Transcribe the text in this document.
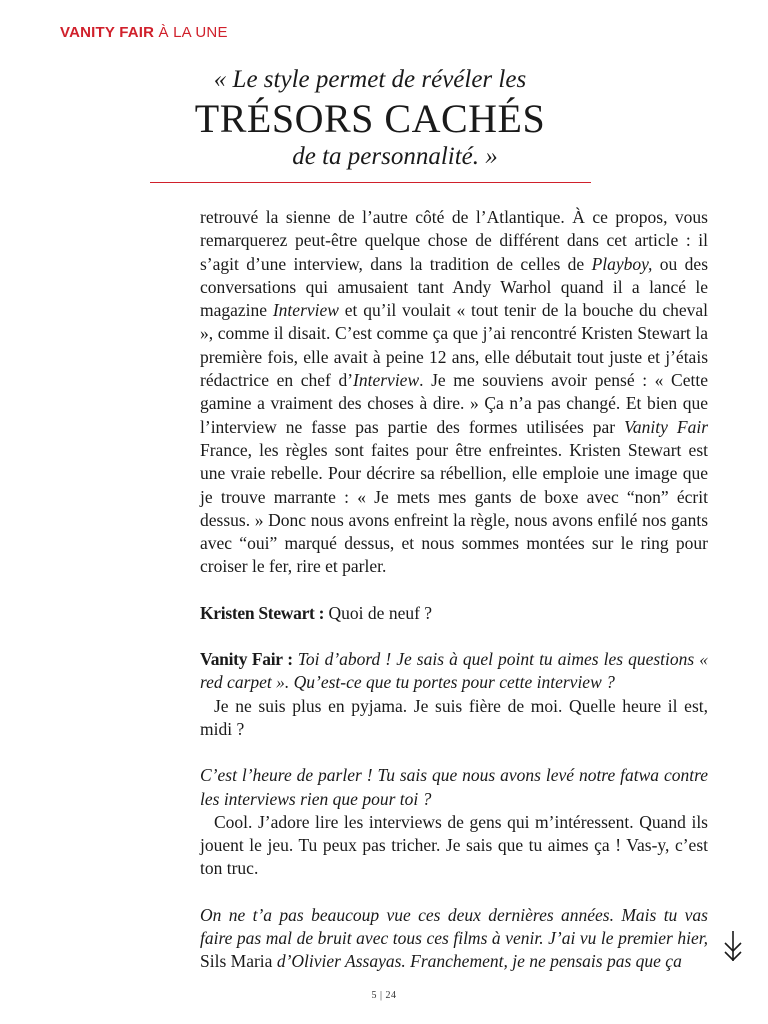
VANITY FAIR À LA UNE
« Le style permet de révéler les
TRÉSORS CACHÉS
de ta personnalité. »

retrouvé la sienne de l’autre côté de l’Atlantique. À ce propos, vous remarquerez peut-être quelque chose de différent dans cet article : il s’agit d’une interview, dans la tradition de celles de Playboy, ou des conversations qui amusaient tant Andy Warhol quand il a lancé le magazine Interview et qu’il voulait « tout tenir de la bouche du cheval », comme il disait. C’est comme ça que j’ai rencontré Kristen Stewart la première fois, elle avait à peine 12 ans, elle débutait tout juste et j’étais rédactrice en chef d’Interview. Je me souviens avoir pensé : « Cette gamine a vraiment des choses à dire. » Ça n’a pas changé. Et bien que l’interview ne fasse pas partie des formes utilisées par Vanity Fair France, les règles sont faites pour être enfreintes. Kristen Stewart est une vraie rebelle. Pour décrire sa rébellion, elle emploie une image que je trouve marrante : « Je mets mes gants de boxe avec “non” écrit dessus. » Donc nous avons enfreint la règle, nous avons enfilé nos gants avec “oui” marqué dessus, et nous sommes montées sur le ring pour croiser le fer, rire et parler.

Kristen Stewart : Quoi de neuf ?

Vanity Fair : Toi d’abord ! Je sais à quel point tu aimes les questions « red carpet ». Qu’est-ce que tu portes pour cette interview ?

Je ne suis plus en pyjama. Je suis fière de moi. Quelle heure il est, midi ?

C’est l’heure de parler ! Tu sais que nous avons levé notre fatwa contre les interviews rien que pour toi ?

Cool. J’adore lire les interviews de gens qui m’intéressent. Quand ils jouent le jeu. Tu peux pas tricher. Je sais que tu aimes ça ! Vas-y, c’est ton truc.

On ne t’a pas beaucoup vue ces deux dernières années. Mais tu vas faire pas mal de bruit avec tous ces films à venir. J’ai vu le premier hier, Sils Maria d’Olivier Assayas. Franchement, je ne pensais pas que ça

5 | 24
